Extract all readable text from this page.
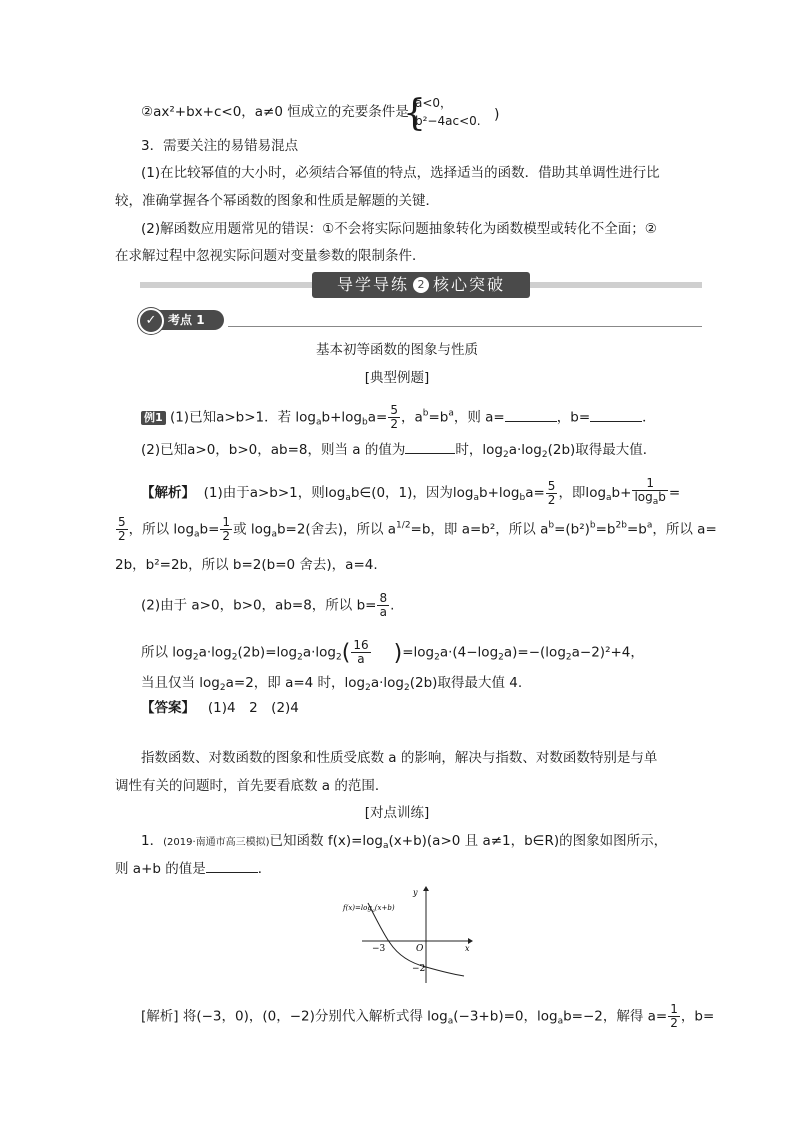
②ax²+bx+c<0，a≠0 恒成立的充要条件是
{
a<0，
b²−4ac<0. )
3．需要关注的易错易混点
(1)在比较幂值的大小时，必须结合幂值的特点，选择适当的函数．借助其单调性进行比
较，准确掌握各个幂函数的图象和性质是解题的关键．
(2)解函数应用题常见的错误：①不会将实际问题抽象转化为函数模型或转化不全面；②
在求解过程中忽视实际问题对变量参数的限制条件．
导学导练 2 核心突破
✓ 考点 1
基本初等函数的图象与性质
[典型例题]
例1 (1)已知a>b>1．若 $\log_ab+\log_ba= \frac{5}{2}$ ，$a^b=b^a$，则 a=	，b=	．
(2)已知a>0，b>0，ab=8，则当 a 的值为	时，$\log_2a\cdot\log_2(2b)$取得最大值．
【解析】 (1)由于a>b>1，则$\log_ab\in(0$，1)，因为$\log_ab+\log_ba= \frac{5}{2}$ ，即$\log_ab+ \frac{1}{\log_ab}$ =
$\frac{5}{2}$ ，所以 $\log_ab= \frac{1}{2}$ 或 $\log_ab=2$(舍去)，所以 $a^{1/2}=b$，即 a=b²，所以 $a^b=(b^2)^b=b^{2b}=b^a$，所以 a=
2b，b²=2b，所以 b=2(b=0 舍去)，a=4.
(2)由于 a>0，b>0，ab=8，所以 $b= \frac{8}{a}$ .
所以 $\log_2a\cdot\log_2(2b)=\log_2a\cdot\log_2( \frac{16}{a} )=\log_2a\cdot(4-\log_2a)=-(\log_2a-2)^2+4$，
当且仅当 $\log_2a=2$，即 a=4 时，$\log_2a\cdot\log_2(2b)$取得最大值 4.
【答案】 (1)4　2　(2)4
指数函数、对数函数的图象和性质受底数 a 的影响，解决与指数、对数函数特别是与单
调性有关的问题时，首先要看底数 a 的范围．
[对点训练]
1．(2019·南通市高三模拟)已知函数 $f(x)=\log_a(x+b)(a>0$ 且 a≠1，b∈R)的图象如图所示，
则 a+b 的值是	．
y
x
O
−3
−2
$f(x)=\log_a(x+b)$
[解析] 将(−3，0)，(0，−2)分别代入解析式得 $\log_a(-3+b)=0$，$\log_ab=-2$，解得 $a= \frac{1}{2}$ ，b=
